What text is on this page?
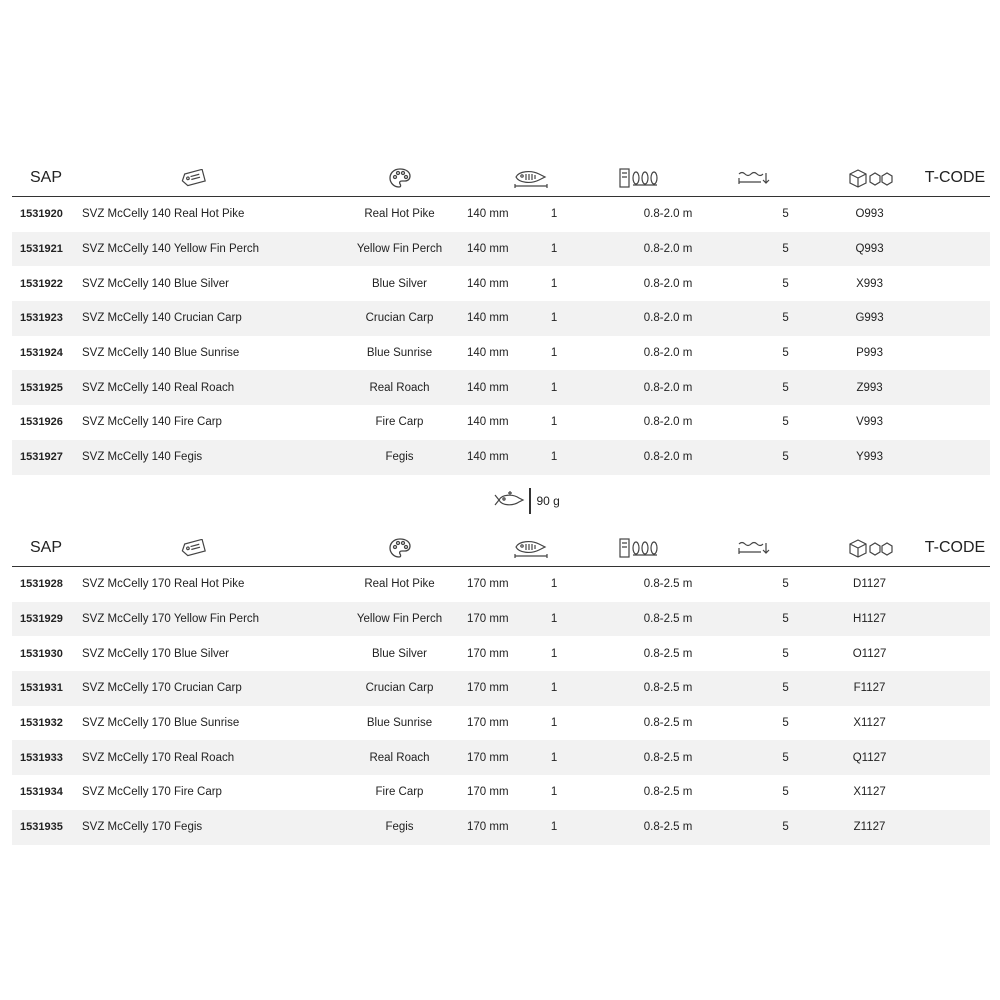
SAP	T-CODE
1531920	SVZ McCelly 140 Real Hot Pike	Real Hot Pike	140 mm	1	0.8-2.0 m	5	O993
1531921	SVZ McCelly 140 Yellow Fin Perch	Yellow Fin Perch	140 mm	1	0.8-2.0 m	5	Q993
1531922	SVZ McCelly 140 Blue Silver	Blue Silver	140 mm	1	0.8-2.0 m	5	X993
1531923	SVZ McCelly 140 Crucian Carp	Crucian Carp	140 mm	1	0.8-2.0 m	5	G993
1531924	SVZ McCelly 140 Blue Sunrise	Blue Sunrise	140 mm	1	0.8-2.0 m	5	P993
1531925	SVZ McCelly 140 Real Roach	Real Roach	140 mm	1	0.8-2.0 m	5	Z993
1531926	SVZ McCelly 140 Fire Carp	Fire Carp	140 mm	1	0.8-2.0 m	5	V993
1531927	SVZ McCelly 140 Fegis	Fegis	140 mm	1	0.8-2.0 m	5	Y993
90 g
SAP	T-CODE
1531928	SVZ McCelly 170 Real Hot Pike	Real Hot Pike	170 mm	1	0.8-2.5 m	5	D1127
1531929	SVZ McCelly 170 Yellow Fin Perch	Yellow Fin Perch	170 mm	1	0.8-2.5 m	5	H1127
1531930	SVZ McCelly 170 Blue Silver	Blue Silver	170 mm	1	0.8-2.5 m	5	O1127
1531931	SVZ McCelly 170 Crucian Carp	Crucian Carp	170 mm	1	0.8-2.5 m	5	F1127
1531932	SVZ McCelly 170 Blue Sunrise	Blue Sunrise	170 mm	1	0.8-2.5 m	5	X1127
1531933	SVZ McCelly 170 Real Roach	Real Roach	170 mm	1	0.8-2.5 m	5	Q1127
1531934	SVZ McCelly 170 Fire Carp	Fire Carp	170 mm	1	0.8-2.5 m	5	X1127
1531935	SVZ McCelly 170 Fegis	Fegis	170 mm	1	0.8-2.5 m	5	Z1127
